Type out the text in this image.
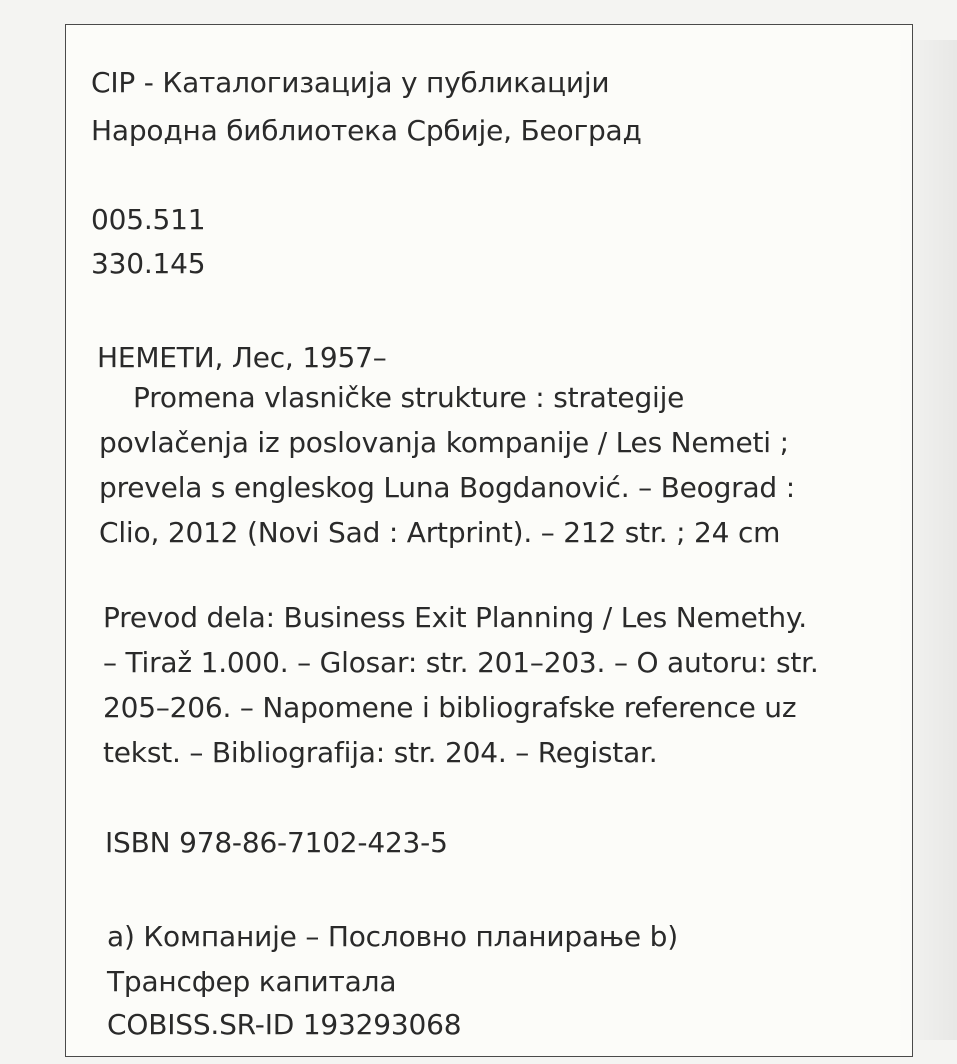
CIP - Каталогизација у публикацији
Народна библиотека Србије, Београд
005.511
330.145
НЕМЕТИ, Лес, 1957–
Promena vlasničke strukture : strategije
povlačenja iz poslovanja kompanije / Les Nemeti ;
prevela s engleskog Luna Bogdanović. – Beograd :
Clio, 2012 (Novi Sad : Artprint). – 212 str. ; 24 cm
Prevod dela: Business Exit Planning / Les Nemethy.
– Tiraž 1.000. – Glosar: str. 201–203. – O autoru: str.
205–206. – Napomene i bibliografske reference uz
tekst. – Bibliografija: str. 204. – Registar.
ISBN 978-86-7102-423-5
a) Компаније – Пословно планирање b)
Трансфер капитала
COBISS.SR-ID 193293068
